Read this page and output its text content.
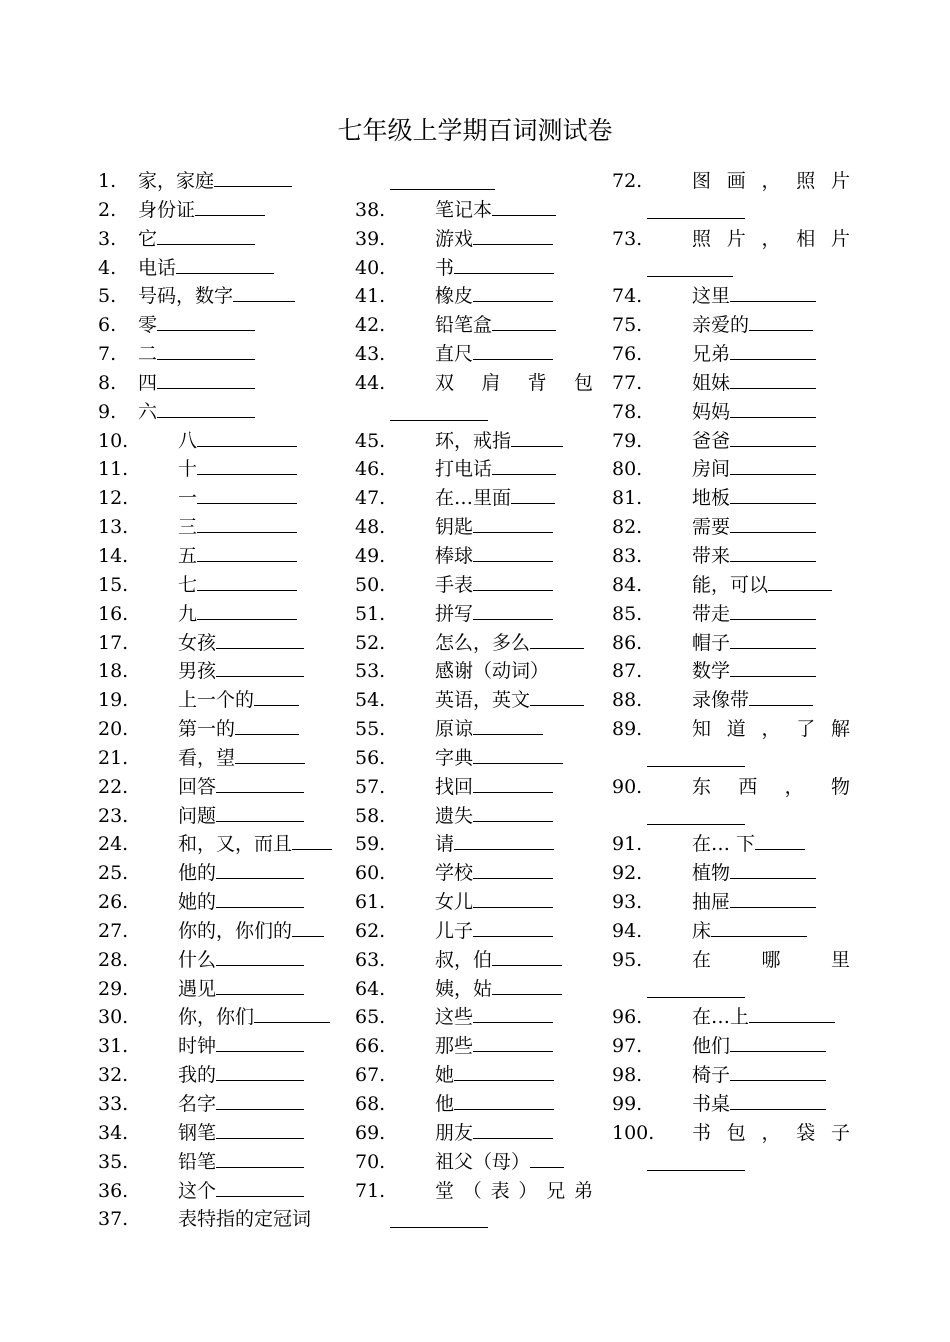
七年级上学期百词测试卷
1. 家，家庭
2. 身份证
3. 它
4. 电话
5. 号码，数字
6. 零
7. 二
8. 四
9. 六
10.	八
11.	十
12.	一
13.	三
14.	五
15.	七
16.	九
17.	女孩
18.	男孩
19.	上一个的
20.	第一的
21.	看，望
22.	回答
23.	问题
24.	和，又，而且
25.	他的
26.	她的
27.	你的，你们的
28.	什么
29.	遇见
30.	你，你们
31.	时钟
32.	我的
33.	名字
34.	钢笔
35.	铅笔
36.	这个
37.	表特指的定冠词
38.	笔记本
39.	游戏
40.	书
41.	橡皮
42.	铅笔盒
43.	直尺
44.	双肩背包
45.	环，戒指
46.	打电话
47.	在…里面
48.	钥匙
49.	棒球
50.	手表
51.	拼写
52.	怎么，多么
53.	感谢（动词）
54.	英语，英文
55.	原谅
56.	字典
57.	找回
58.	遗失
59.	请
60.	学校
61.	女儿
62.	儿子
63.	叔，伯
64.	姨，姑
65.	这些
66.	那些
67.	她
68.	他
69.	朋友
70.	祖父（母）
71.	堂（表）兄弟
72.	图画，照片
73.	照片，相片
74.	这里
75.	亲爱的
76.	兄弟
77.	姐妹
78.	妈妈
79.	爸爸
80.	房间
81.	地板
82.	需要
83.	带来
84.	能，可以
85.	带走
86.	帽子
87.	数学
88.	录像带
89.	知道，了解
90.	东西，物
91.	在… 下
92.	植物
93.	抽屉
94.	床
95.	在哪里
96.	在…上
97.	他们
98.	椅子
99.	书桌
100. 书包，袋子
